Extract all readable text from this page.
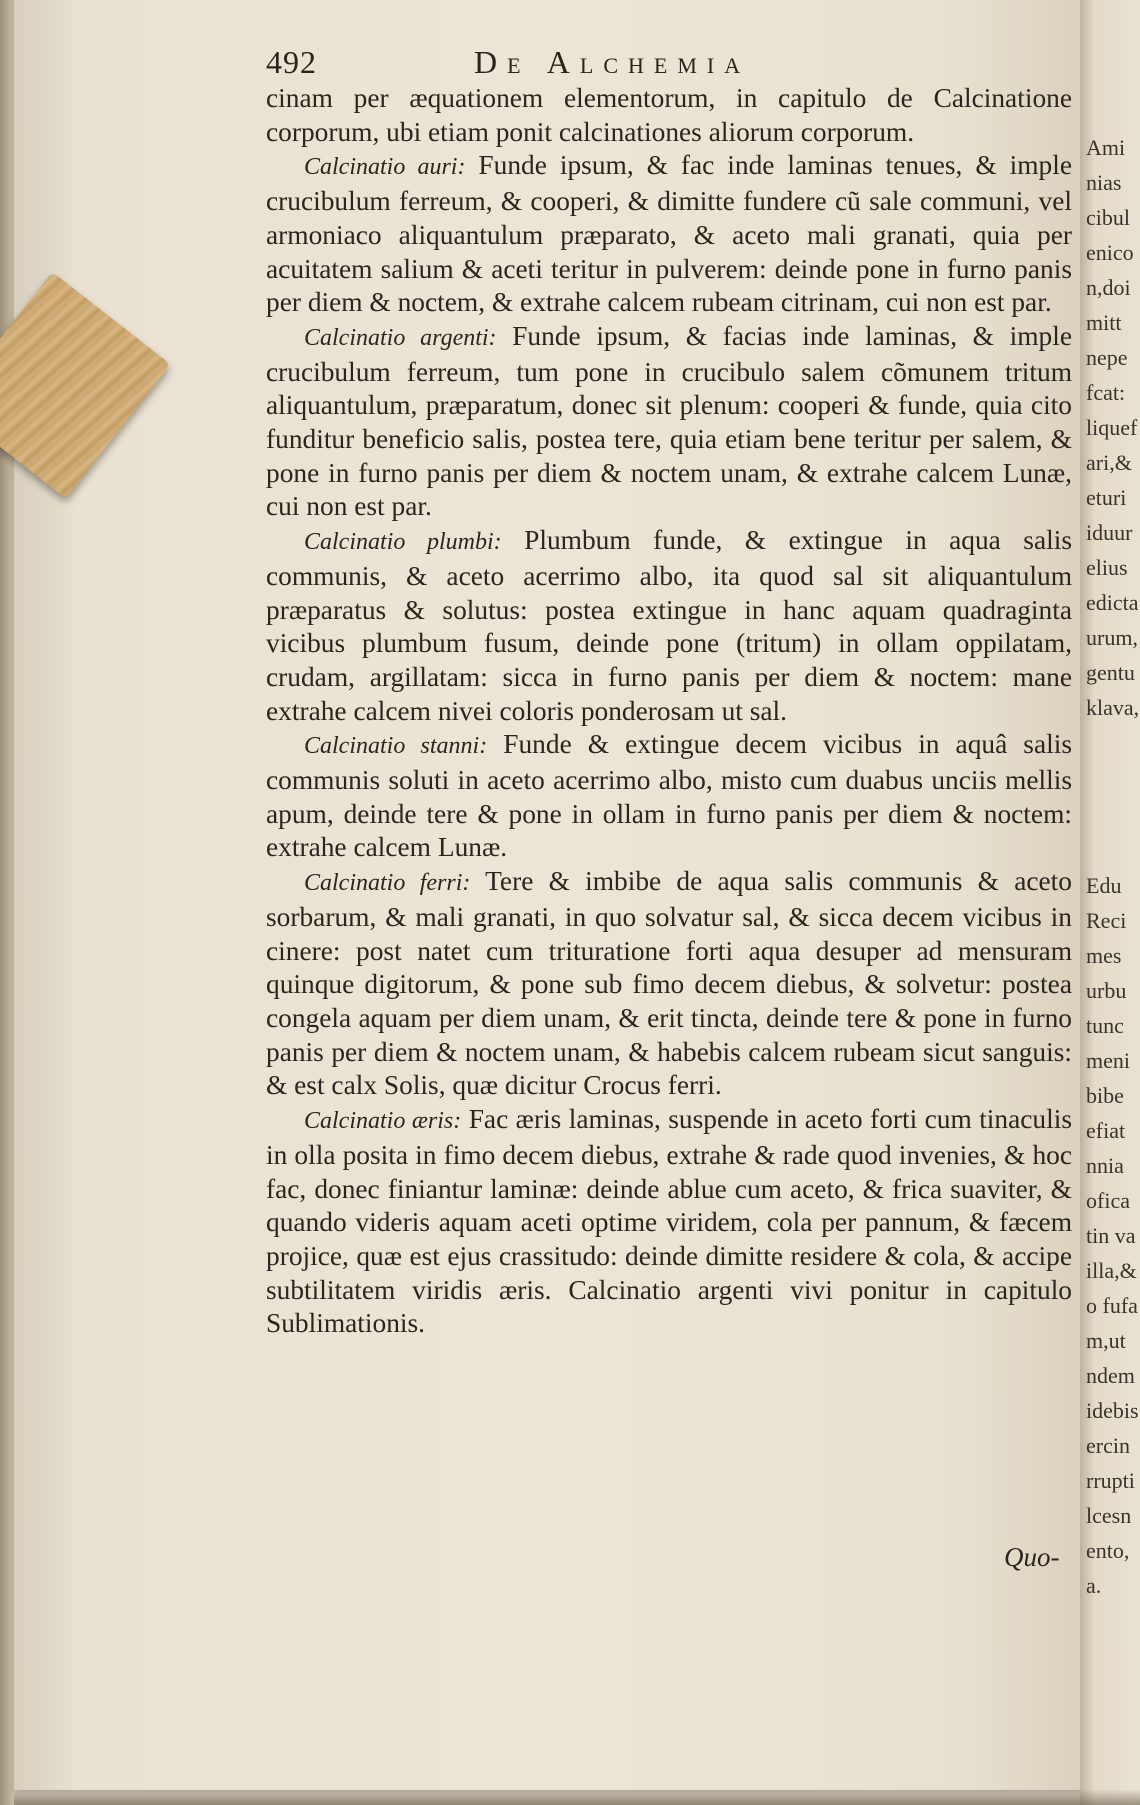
492	De Alchemia

cinam per æquationem elementorum, in capitulo de Calcinatione corporum, ubi etiam ponit calcinationes aliorum corporum.

Calcinatio auri: Funde ipsum, & fac inde laminas tenues, & imple crucibulum ferreum, & cooperi, & dimitte fundere cũ sale communi, vel armoniaco aliquantulum præparato, & aceto mali granati, quia per acuitatem salium & aceti teritur in pulverem: deinde pone in furno panis per diem & noctem, & extrahe calcem rubeam citrinam, cui non est par.

Calcinatio argenti: Funde ipsum, & facias inde laminas, & imple crucibulum ferreum, tum pone in crucibulo salem cõmunem tritum aliquantulum, præparatum, donec sit plenum: cooperi & funde, quia cito funditur beneficio salis, postea tere, quia etiam bene teritur per salem, & pone in furno panis per diem & noctem unam, & extrahe calcem Lunæ, cui non est par.

Calcinatio plumbi: Plumbum funde, & extingue in aqua salis communis, & aceto acerrimo albo, ita quod sal sit aliquantulum præparatus & solutus: postea extingue in hanc aquam quadraginta vicibus plumbum fusum, deinde pone (tritum) in ollam oppilatam, crudam, argillatam: sicca in furno panis per diem & noctem: mane extrahe calcem nivei coloris ponderosam ut sal.

Calcinatio stanni: Funde & extingue decem vicibus in aquâ salis communis soluti in aceto acerrimo albo, misto cum duabus unciis mellis apum, deinde tere & pone in ollam in furno panis per diem & noctem: extrahe calcem Lunæ.

Calcinatio ferri: Tere & imbibe de aqua salis communis & aceto sorbarum, & mali granati, in quo solvatur sal, & sicca decem vicibus in cinere: post natet cum trituratione forti aqua desuper ad mensuram quinque digitorum, & pone sub fimo decem diebus, & solvetur: postea congela aquam per diem unam, & erit tincta, deinde tere & pone in furno panis per diem & noctem unam, & habebis calcem rubeam sicut sanguis: & est calx Solis, quæ dicitur Crocus ferri.

Calcinatio æris: Fac æris laminas, suspende in aceto forti cum tinaculis in olla posita in fimo decem diebus, extrahe & rade quod invenies, & hoc fac, donec finiantur laminæ: deinde ablue cum aceto, & frica suaviter, & quando videris aquam aceti optime viridem, cola per pannum, & fæcem projice, quæ est ejus crassitudo: deinde dimitte residere & cola, & accipe subtilitatem viridis æris. Calcinatio argenti vivi ponitur in capitulo Sublimationis.

Quo-
Ami
nias
cibul
enico
n,doi
mitt
nepe
fcat:
liquef
ari,&
eturi
iduur
elius
edicta
urum,
gentu
klava,
Edu
Reci
mes
urbu
tunc
meni
bibe
efiat
nnia
ofica
tin va
illa,&
o fufa
m,ut
ndem
idebis
ercin
rrupti
lcesn
ento,
a.
